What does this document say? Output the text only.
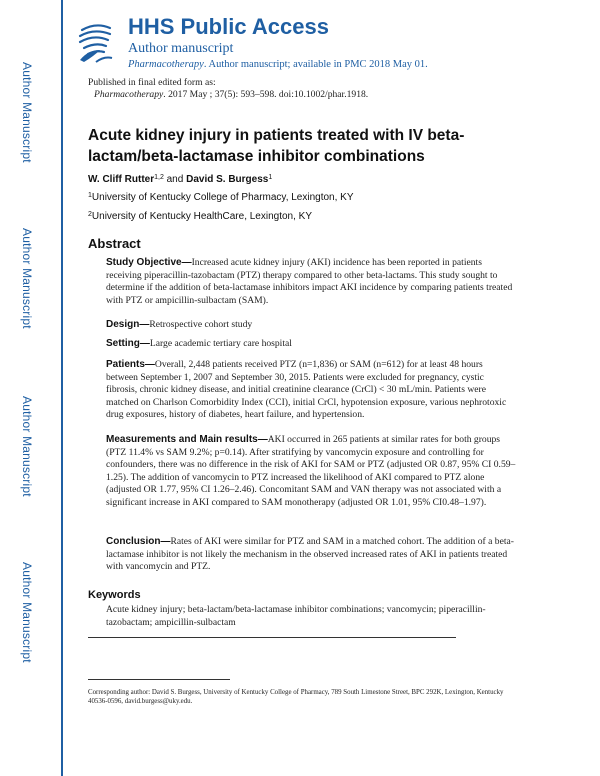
Author Manuscript
Author Manuscript
Author Manuscript
Author Manuscript
HHS Public Access
Author manuscript
Pharmacotherapy. Author manuscript; available in PMC 2018 May 01.
Published in final edited form as:
Pharmacotherapy. 2017 May ; 37(5): 593–598. doi:10.1002/phar.1918.
Acute kidney injury in patients treated with IV beta-lactam/beta-lactamase inhibitor combinations
W. Cliff Rutter$^{1,2}$ and David S. Burgess$^1$
$^1$University of Kentucky College of Pharmacy, Lexington, KY
$^2$University of Kentucky HealthCare, Lexington, KY
Abstract
Study Objective—Increased acute kidney injury (AKI) incidence has been reported in patients receiving piperacillin-tazobactam (PTZ) therapy compared to other beta-lactams. This study sought to determine if the addition of beta-lactamase inhibitors impact AKI incidence by comparing patients treated with PTZ or ampicillin-sulbactam (SAM).
Design—Retrospective cohort study
Setting—Large academic tertiary care hospital
Patients—Overall, 2,448 patients received PTZ (n=1,836) or SAM (n=612) for at least 48 hours between September 1, 2007 and September 30, 2015. Patients were excluded for pregnancy, cystic fibrosis, chronic kidney disease, and initial creatinine clearance (CrCl) < 30 mL/min. Patients were matched on Charlson Comorbidity Index (CCI), initial CrCl, hypotension exposure, various nephrotoxic drug exposures, history of diabetes, heart failure, and hypertension.
Measurements and Main results—AKI occurred in 265 patients at similar rates for both groups (PTZ 11.4% vs SAM 9.2%; p=0.14). After stratifying by vancomycin exposure and controlling for confounders, there was no difference in the risk of AKI for SAM or PTZ (adjusted OR 0.87, 95% CI 0.59–1.25). The addition of vancomycin to PTZ increased the likelihood of AKI compared to PTZ alone (adjusted OR 1.77, 95% CI 1.26–2.46). Concomitant SAM and VAN therapy was not associated with a significant increase in AKI compared to SAM monotherapy (adjusted OR 1.01, 95% CI0.48–1.97).
Conclusion—Rates of AKI were similar for PTZ and SAM in a matched cohort. The addition of a beta-lactamase inhibitor is not likely the mechanism in the observed increased rates of AKI in patients treated with vancomycin and PTZ.
Keywords
Acute kidney injury; beta-lactam/beta-lactamase inhibitor combinations; vancomycin; piperacillin-tazobactam; ampicillin-sulbactam
Corresponding author: David S. Burgess, University of Kentucky College of Pharmacy, 789 South Limestone Street, BPC 292K, Lexington, Kentucky 40536-0596, david.burgess@uky.edu.
